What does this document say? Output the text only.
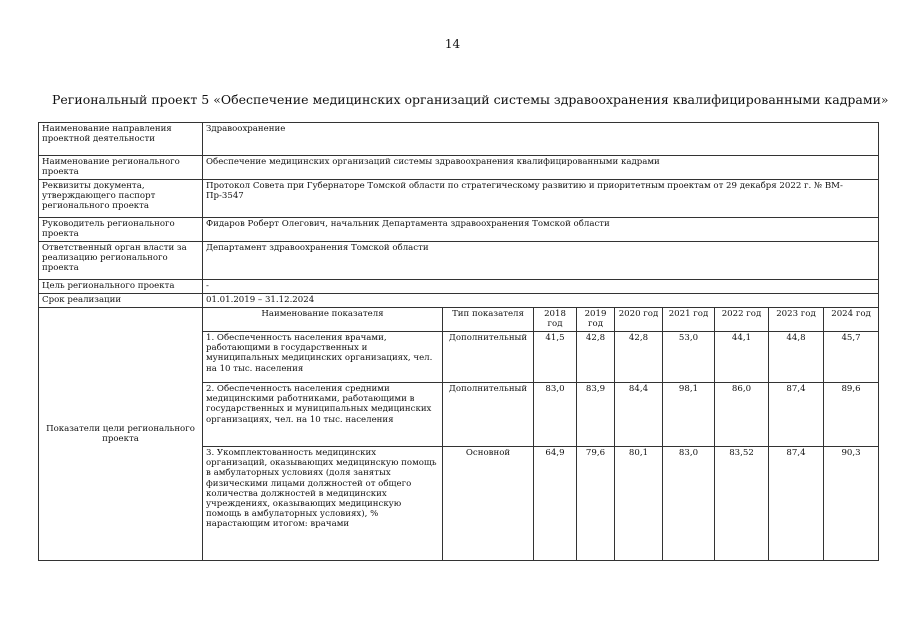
14
Региональный проект 5 «Обеспечение медицинских организаций системы здравоохранения квалифицированными кадрами»
Наименование направления проектной деятельности	Здравоохранение								
Наименование регионального проекта	Обеспечение медицинских организаций системы здравоохранения квалифицированными кадрами								
Реквизиты документа, утверждающего паспорт регионального проекта	Протокол Совета при Губернаторе Томской области по стратегическому развитию и приоритетным проектам от 29 декабря 2022 г. № ВМ-Пр-3547								
Руководитель регионального проекта	Фидаров Роберт Олегович, начальник Департамента здравоохранения Томской области								
Ответственный орган власти за реализацию регионального проекта	Департамент здравоохранения Томской области								
Цель регионального проекта	-								
Срок реализации	01.01.2019 – 31.12.2024								
Показатели цели регионального проекта	Наименование показателя	Тип показателя	2018 год	2019 год	2020 год	2021 год	2022 год	2023 год	2024 год
	1. Обеспеченность населения врачами, работающими в государственных и муниципальных медицинских организациях, чел. на 10 тыс. населения	Дополнительный	41,5	42,8	42,8	53,0	44,1	44,8	45,7
	2. Обеспеченность населения средними медицинскими работниками, работающими в государственных и муниципальных медицинских организациях, чел. на 10 тыс. населения	Дополнительный	83,0	83,9	84,4	98,1	86,0	87,4	89,6
	3. Укомплектованность медицинских организаций, оказывающих медицинскую помощь в амбулаторных условиях (доля занятых физическими лицами должностей от общего количества должностей в медицинских учреждениях, оказывающих медицинскую помощь в амбулаторных условиях), % нарастающим итогом: врачами	Основной	64,9	79,6	80,1	83,0	83,52	87,4	90,3
